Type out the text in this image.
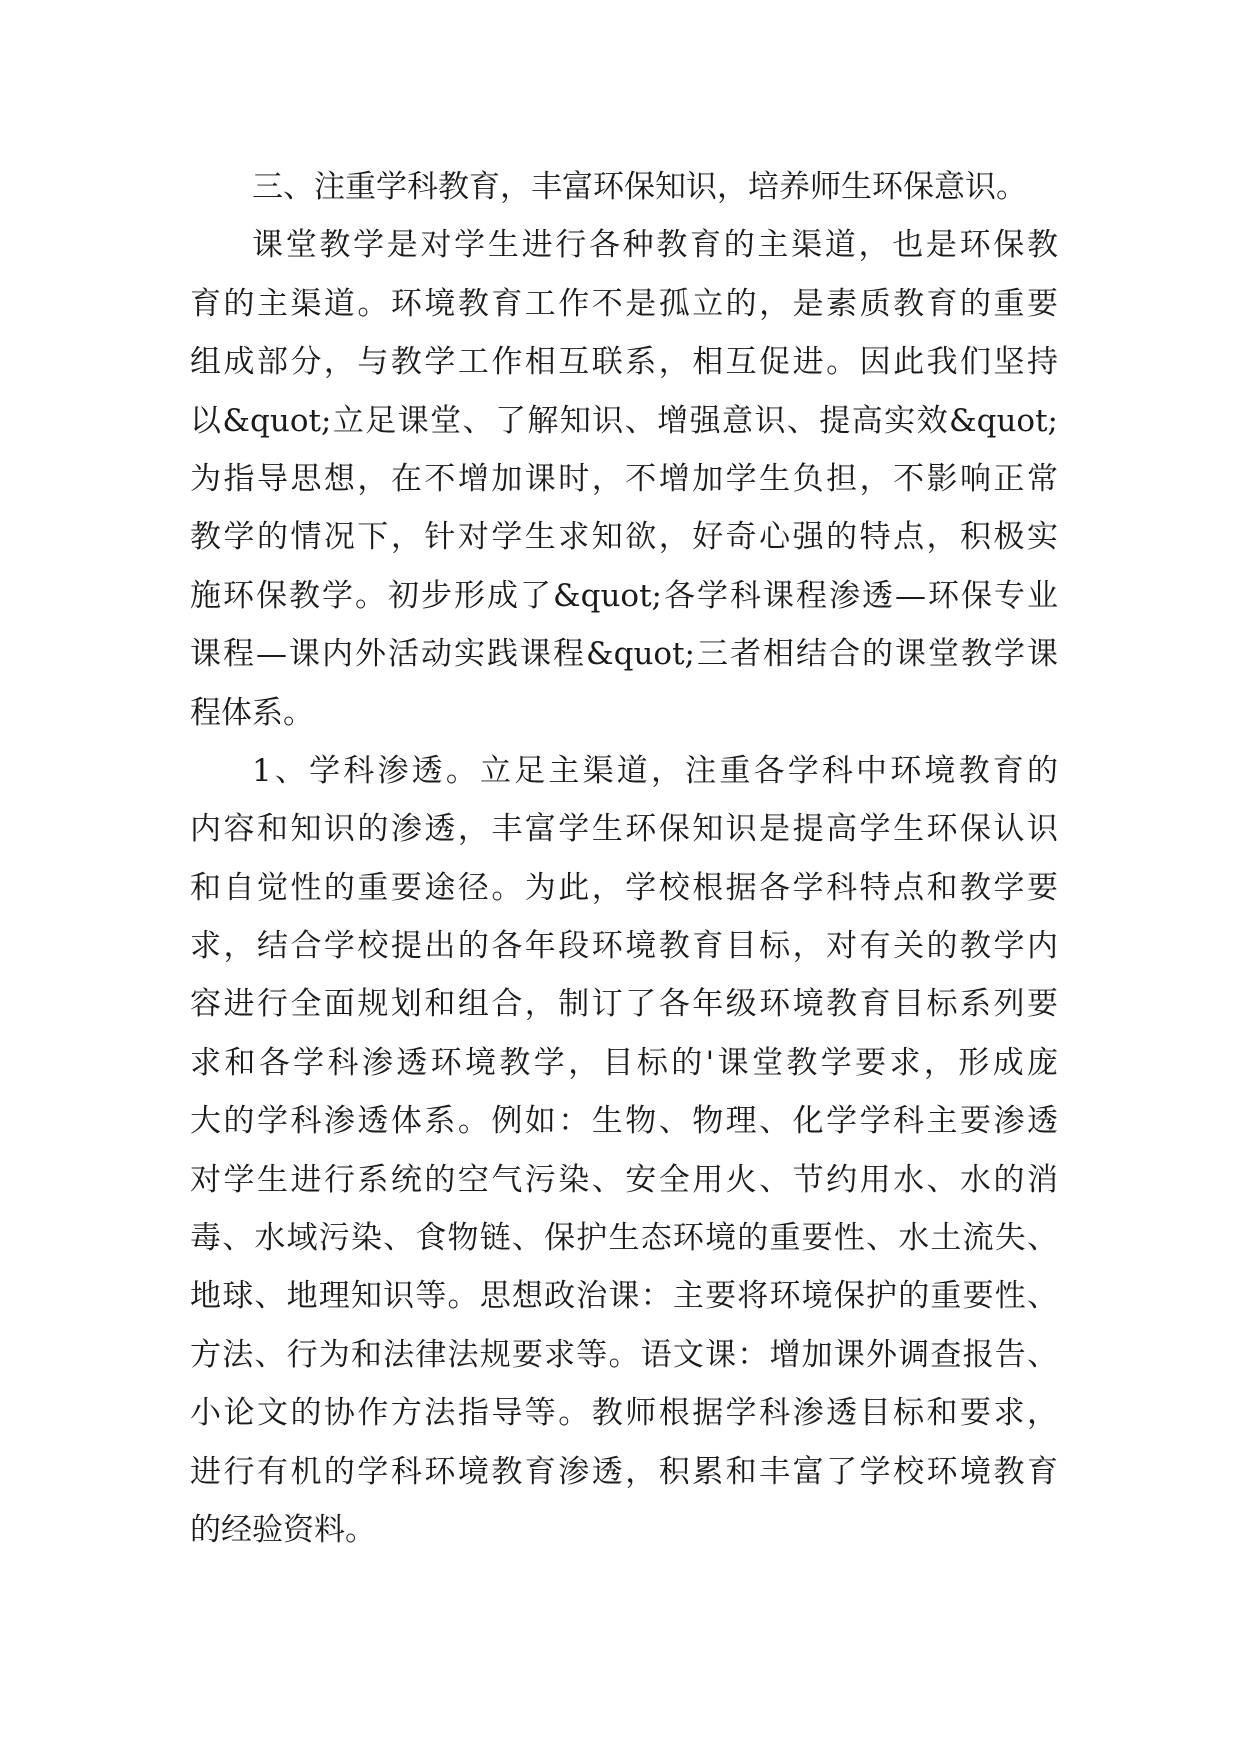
三、注重学科教育，丰富环保知识，培养师生环保意识。
课堂教学是对学生进行各种教育的主渠道，也是环保教
育的主渠道。环境教育工作不是孤立的，是素质教育的重要
组成部分，与教学工作相互联系，相互促进。因此我们坚持
以&quot;立足课堂、了解知识、增强意识、提高实效&quot;
为指导思想，在不增加课时，不增加学生负担，不影响正常
教学的情况下，针对学生求知欲，好奇心强的特点，积极实
施环保教学。初步形成了&quot;各学科课程渗透—环保专业
课程—课内外活动实践课程&quot;三者相结合的课堂教学课
程体系。
1、学科渗透。立足主渠道，注重各学科中环境教育的
内容和知识的渗透，丰富学生环保知识是提高学生环保认识
和自觉性的重要途径。为此，学校根据各学科特点和教学要
求，结合学校提出的各年段环境教育目标，对有关的教学内
容进行全面规划和组合，制订了各年级环境教育目标系列要
求和各学科渗透环境教学，目标的'课堂教学要求，形成庞
大的学科渗透体系。例如：生物、物理、化学学科主要渗透
对学生进行系统的空气污染、安全用火、节约用水、水的消
毒、水域污染、食物链、保护生态环境的重要性、水土流失、
地球、地理知识等。思想政治课：主要将环境保护的重要性、
方法、行为和法律法规要求等。语文课：增加课外调查报告、
小论文的协作方法指导等。教师根据学科渗透目标和要求，
进行有机的学科环境教育渗透，积累和丰富了学校环境教育
的经验资料。
